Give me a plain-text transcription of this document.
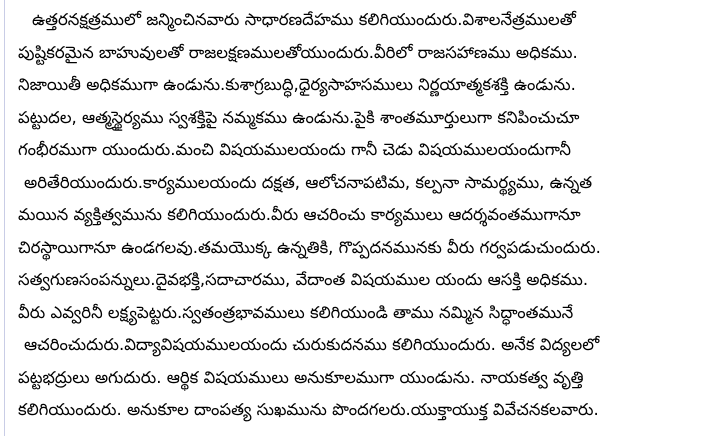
ఉత్తరనక్షత్రములో జన్మించినవారు సాధారణదేహము కలిగియుందురు.విశాలనేత్రములతో
పుష్టికరమైన బాహువులతో రాజలక్షణములతోయుందురు.వీరిలో రాజసహాణము అధికము.
నిజాయితీ అధికముగా ఉండును.కుశాగ్రబుద్ధి,ధైర్యసాహసములు నిర్ణయాత్మకశక్తి ఉండును.
పట్టుదల, ఆత్మస్థైర్యము స్వశక్తిపై నమ్మకము ఉండును.పైకి శాంతమూర్తులుగా కనిపించుచూ
గంభీరముగా యుందురు.మంచి విషయములయందు గానీ చెడు విషయములయందుగానీ
అరితేరియుందురు.కార్యములయందు దక్షత, ఆలోచనాపటిమ, కల్పనా సామర్థ్యము, ఉన్నత
మయిన వ్యక్తిత్వమును కలిగియుందురు.వీరు ఆచరించు కార్యములు ఆదర్శవంతముగానూ
చిరస్థాయిగానూ ఉండగలవు.తమయొక్క ఉన్నతికి, గొప్పదనమునకు వీరు గర్వపడుచుందురు.
సత్వగుణసంపన్నులు.దైవభక్తి,సదాచారము, వేదాంత విషయముల యందు ఆసక్తి అధికము.
వీరు ఎవ్వరినీ లక్ష్యపెట్టరు.స్వతంత్రభావములు కలిగియుండి తాము నమ్మిన సిద్ధాంతమునే
ఆచరించుదురు.విద్యావిషయములయందు చురుకుదనము కలిగియుందురు. అనేక విద్యలలో
పట్టభద్రులు అగుదురు. ఆర్థిక విషయములు అనుకూలముగా యుండును. నాయకత్వ వృత్తి
కలిగియుందురు. అనుకూల దాంపత్య సుఖమును పొందగలరు.యుక్తాయుక్త వివేచనకలవారు.
